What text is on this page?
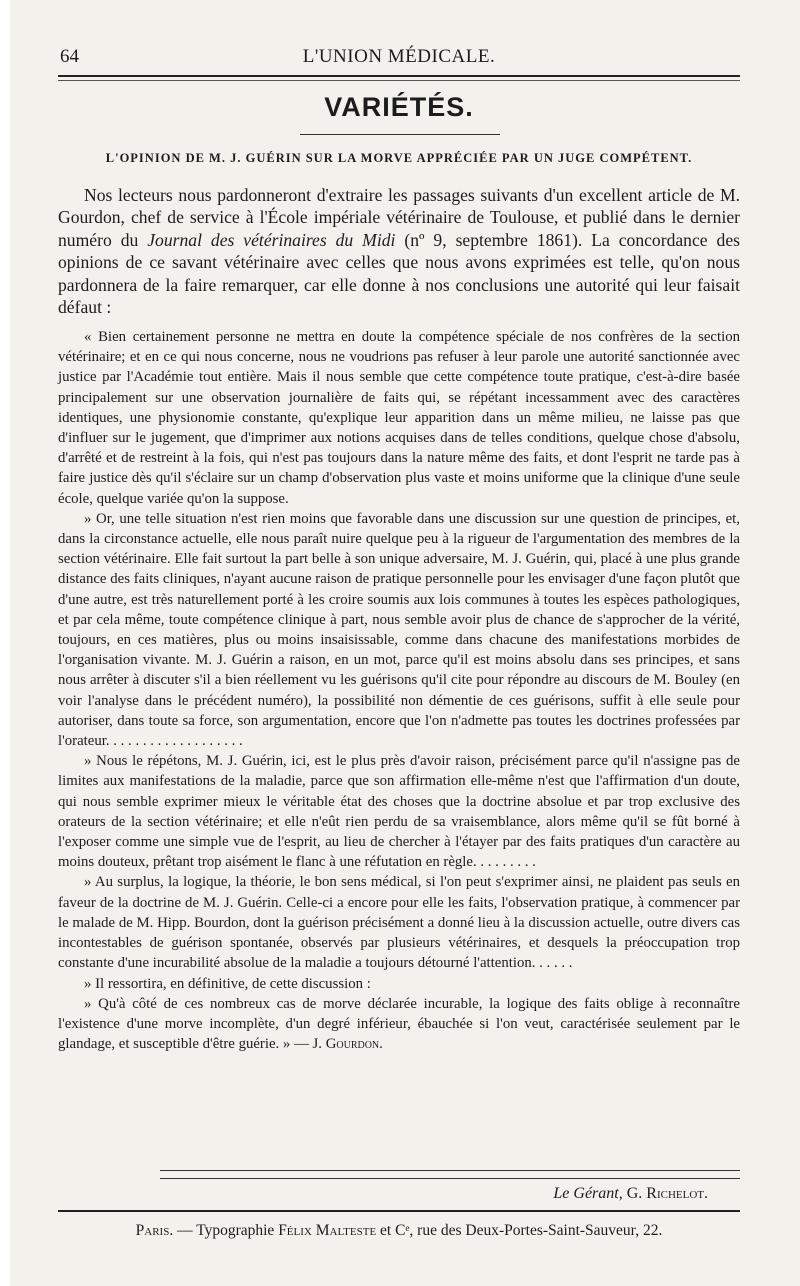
64	L'UNION MÉDICALE.
VARIÉTÉS.
L'OPINION DE M. J. GUÉRIN SUR LA MORVE APPRÉCIÉE PAR UN JUGE COMPÉTENT.

Nos lecteurs nous pardonneront d'extraire les passages suivants d'un excellent article de M. Gourdon, chef de service à l'École impériale vétérinaire de Toulouse, et publié dans le dernier numéro du Journal des vétérinaires du Midi (nº 9, septembre 1861). La concordance des opinions de ce savant vétérinaire avec celles que nous avons exprimées est telle, qu'on nous pardonnera de la faire remarquer, car elle donne à nos conclusions une autorité qui leur faisait défaut :

« Bien certainement personne ne mettra en doute la compétence spéciale de nos confrères de la section vétérinaire; et en ce qui nous concerne, nous ne voudrions pas refuser à leur parole une autorité sanctionnée avec justice par l'Académie tout entière. Mais il nous semble que cette compétence toute pratique, c'est-à-dire basée principalement sur une observation journalière de faits qui, se répétant incessamment avec des caractères identiques, une physionomie constante, qu'explique leur apparition dans un même milieu, ne laisse pas que d'influer sur le jugement, que d'imprimer aux notions acquises dans de telles conditions, quelque chose d'absolu, d'arrêté et de restreint à la fois, qui n'est pas toujours dans la nature même des faits, et dont l'esprit ne tarde pas à faire justice dès qu'il s'éclaire sur un champ d'observation plus vaste et moins uniforme que la clinique d'une seule école, quelque variée qu'on la suppose.

» Or, une telle situation n'est rien moins que favorable dans une discussion sur une question de principes, et, dans la circonstance actuelle, elle nous paraît nuire quelque peu à la rigueur de l'argumentation des membres de la section vétérinaire. Elle fait surtout la part belle à son unique adversaire, M. J. Guérin, qui, placé à une plus grande distance des faits cliniques, n'ayant aucune raison de pratique personnelle pour les envisager d'une façon plutôt que d'une autre, est très naturellement porté à les croire soumis aux lois communes à toutes les espèces pathologiques, et par cela même, toute compétence clinique à part, nous semble avoir plus de chance de s'approcher de la vérité, toujours, en ces matières, plus ou moins insaisissable, comme dans chacune des manifestations morbides de l'organisation vivante. M. J. Guérin a raison, en un mot, parce qu'il est moins absolu dans ses principes, et sans nous arrêter à discuter s'il a bien réellement vu les guérisons qu'il cite pour répondre au discours de M. Bouley (en voir l'analyse dans le précédent numéro), la possibilité non démentie de ces guérisons, suffit à elle seule pour autoriser, dans toute sa force, son argumentation, encore que l'on n'admette pas toutes les doctrines professées par l'orateur. . . . . . . . . . . . . . . . . . .

» Nous le répétons, M. J. Guérin, ici, est le plus près d'avoir raison, précisément parce qu'il n'assigne pas de limites aux manifestations de la maladie, parce que son affirmation elle-même n'est que l'affirmation d'un doute, qui nous semble exprimer mieux le véritable état des choses que la doctrine absolue et par trop exclusive des orateurs de la section vétérinaire; et elle n'eût rien perdu de sa vraisemblance, alors même qu'il se fût borné à l'exposer comme une simple vue de l'esprit, au lieu de chercher à l'étayer par des faits pratiques d'un caractère au moins douteux, prêtant trop aisément le flanc à une réfutation en règle. . . . . . . . .

» Au surplus, la logique, la théorie, le bon sens médical, si l'on peut s'exprimer ainsi, ne plaident pas seuls en faveur de la doctrine de M. J. Guérin. Celle-ci a encore pour elle les faits, l'observation pratique, à commencer par le malade de M. Hipp. Bourdon, dont la guérison précisément a donné lieu à la discussion actuelle, outre divers cas incontestables de guérison spontanée, observés par plusieurs vétérinaires, et desquels la préoccupation trop constante d'une incurabilité absolue de la maladie a toujours détourné l'attention. . . . . .

» Il ressortira, en définitive, de cette discussion :

» Qu'à côté de ces nombreux cas de morve déclarée incurable, la logique des faits oblige à reconnaître l'existence d'une morve incomplète, d'un degré inférieur, ébauchée si l'on veut, caractérisée seulement par le glandage, et susceptible d'être guérie. » — J. Gourdon.

Le Gérant, G. Richelot.
Paris. — Typographie Félix Malteste et Cᵉ, rue des Deux-Portes-Saint-Sauveur, 22.
